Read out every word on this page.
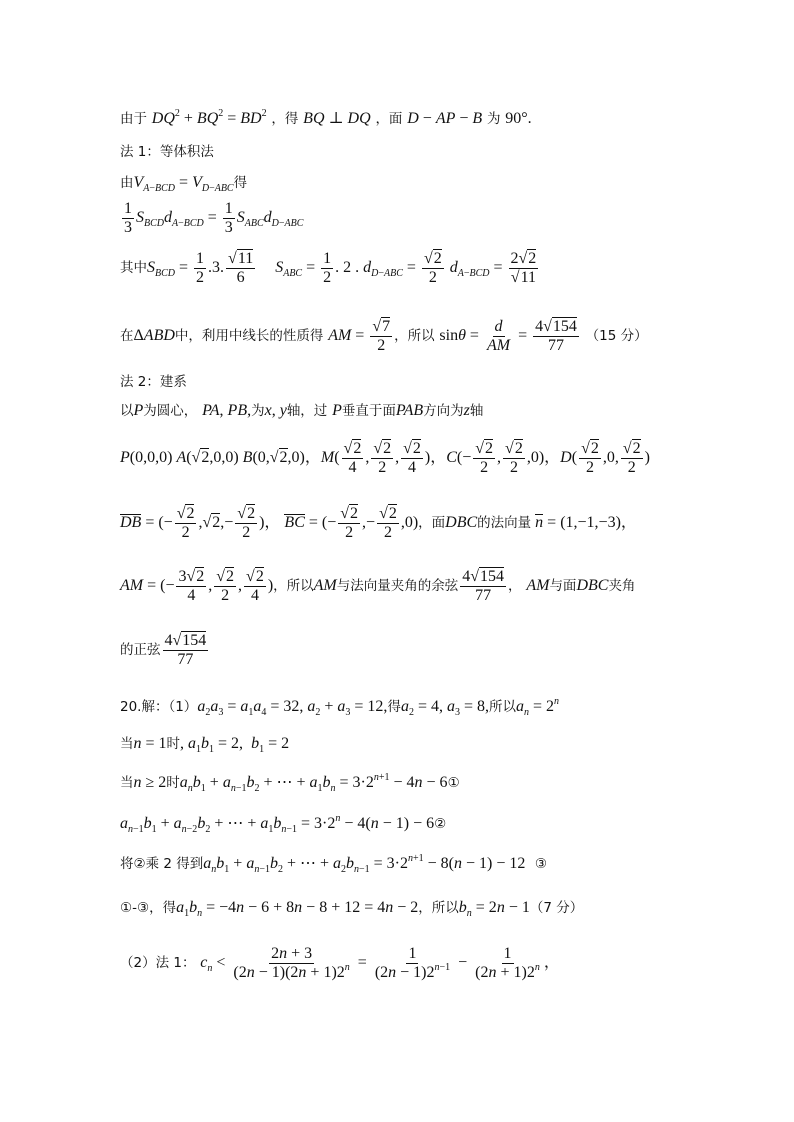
由于 $DQ^2 + BQ^2 = BD^2$ ，得 BQ ⊥ DQ ，面 D − AP − B 为 90°.
法 1：等体积法
由$V_{A-BCD} = V_{D-ABC}$得
$\frac{1}{3} S_{BCD}d_{A-BCD} = \frac{1}{3} S_{ABC}d_{D-ABC}$
其中$S_{BCD} = \frac{1}{2} .3$. $\frac{√11}{6} S_{ABC} = \frac{1}{2}$ . 2 . $d_{D-ABC} = \frac{√2}{2} d_{A-BCD} = \frac{2√2}{√11}$
在ΔABD中，利用中线长的性质得 AM = $\frac{√7}{2}$ ，所以 $\sin\theta = \frac{d}{AM} = \frac{4√154}{77} (15$ 分）
法 2：建系
以P为圆心， PA, PB,为x, y轴，过 P垂直于面PAB方向为z轴
P(0,0,0) A(√2,0,0) B(0,√2,0)，$M( \frac{√2}{4}$ , $\frac{√2}{2}$ , $\frac{√2}{4}$ )，$C(- \frac{√2}{2}$ , $\frac{√2}{2} ,0$)，$D( \frac{√2}{2} ,0$, $\frac{√2}{2}$ )
DB = (− $\frac{√2}{2} ,√2,- \frac{√2}{2}$ )， BC = (− $\frac{√2}{2}$ ,− $\frac{√2}{2} ,0$)，面DBC的法向量 n = (1,−1,−3)，
AM = (− $\frac{3√2}{4}$ , $\frac{√2}{2}$ , $\frac{√2}{4}$ )，所以AM与法向量夹角的余弦 $\frac{4√154}{77}$ ， AM与面DBC夹角
的正弦 $\frac{4√154}{77}$
20.解：$(1)a_2a_3 = a_1a_4 = 32$, $a_2 + a_3 = 12$,得$a_2 = 4$, $a_3 = 8$,所以$a_n = 2^n$
当n = 1时, $a_1b_1 = 2$,  $b_1 = 2$
当n ≥ 2时$a_nb_1 + a_{n-1}b_2$ + ⋯ + $a_1b_n = 3\cdot 2^{n+1} - 4n$ − 6①
$a_{n-1}b_1 + a_{n-2}b_2$ + ⋯ + $a_1b_{n-1} = 3\cdot 2^n - 4(n - 1)$ − 6②
将②乘 2 得到$a_nb_1 + a_{n-1}b_2$ + ⋯ + $a_2b_{n-1} = 3\cdot 2^{n+1} - 8(n - 1) - 12$ ③
①-③，得$a_1b_n = -4n - 6 + 8n - 8 + 12 = 4n - 2$，所以$b_n = 2n - 1(7$ 分）
（2）法 1： $c_n < \frac{2n + 3}{(2n - 1)(2n + 1)2^n} = \frac{1}{(2n - 1)2^{n-1}} - \frac{1}{(2n + 1)2^n}$ ，
